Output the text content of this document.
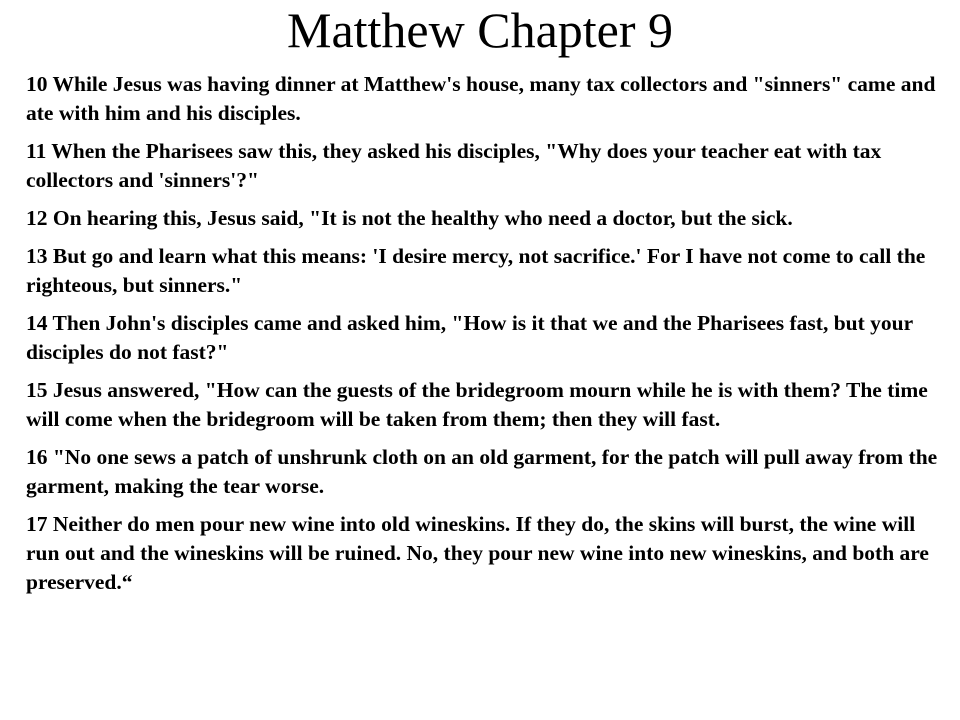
Matthew Chapter 9
10 While Jesus was having dinner at Matthew's house, many tax collectors and "sinners" came and ate with him and his disciples.
11 When the Pharisees saw this, they asked his disciples, "Why does your teacher eat with tax collectors and 'sinners'?"
12 On hearing this, Jesus said, "It is not the healthy who need a doctor, but the sick.
13 But go and learn what this means: 'I desire mercy, not sacrifice.' For I have not come to call the righteous, but sinners."
14 Then John's disciples came and asked him, "How is it that we and the Pharisees fast, but your disciples do not fast?"
15 Jesus answered, "How can the guests of the bridegroom mourn while he is with them? The time will come when the bridegroom will be taken from them; then they will fast.
16 "No one sews a patch of unshrunk cloth on an old garment, for the patch will pull away from the garment, making the tear worse.
17 Neither do men pour new wine into old wineskins. If they do, the skins will burst, the wine will run out and the wineskins will be ruined. No, they pour new wine into new wineskins, and both are preserved.“
